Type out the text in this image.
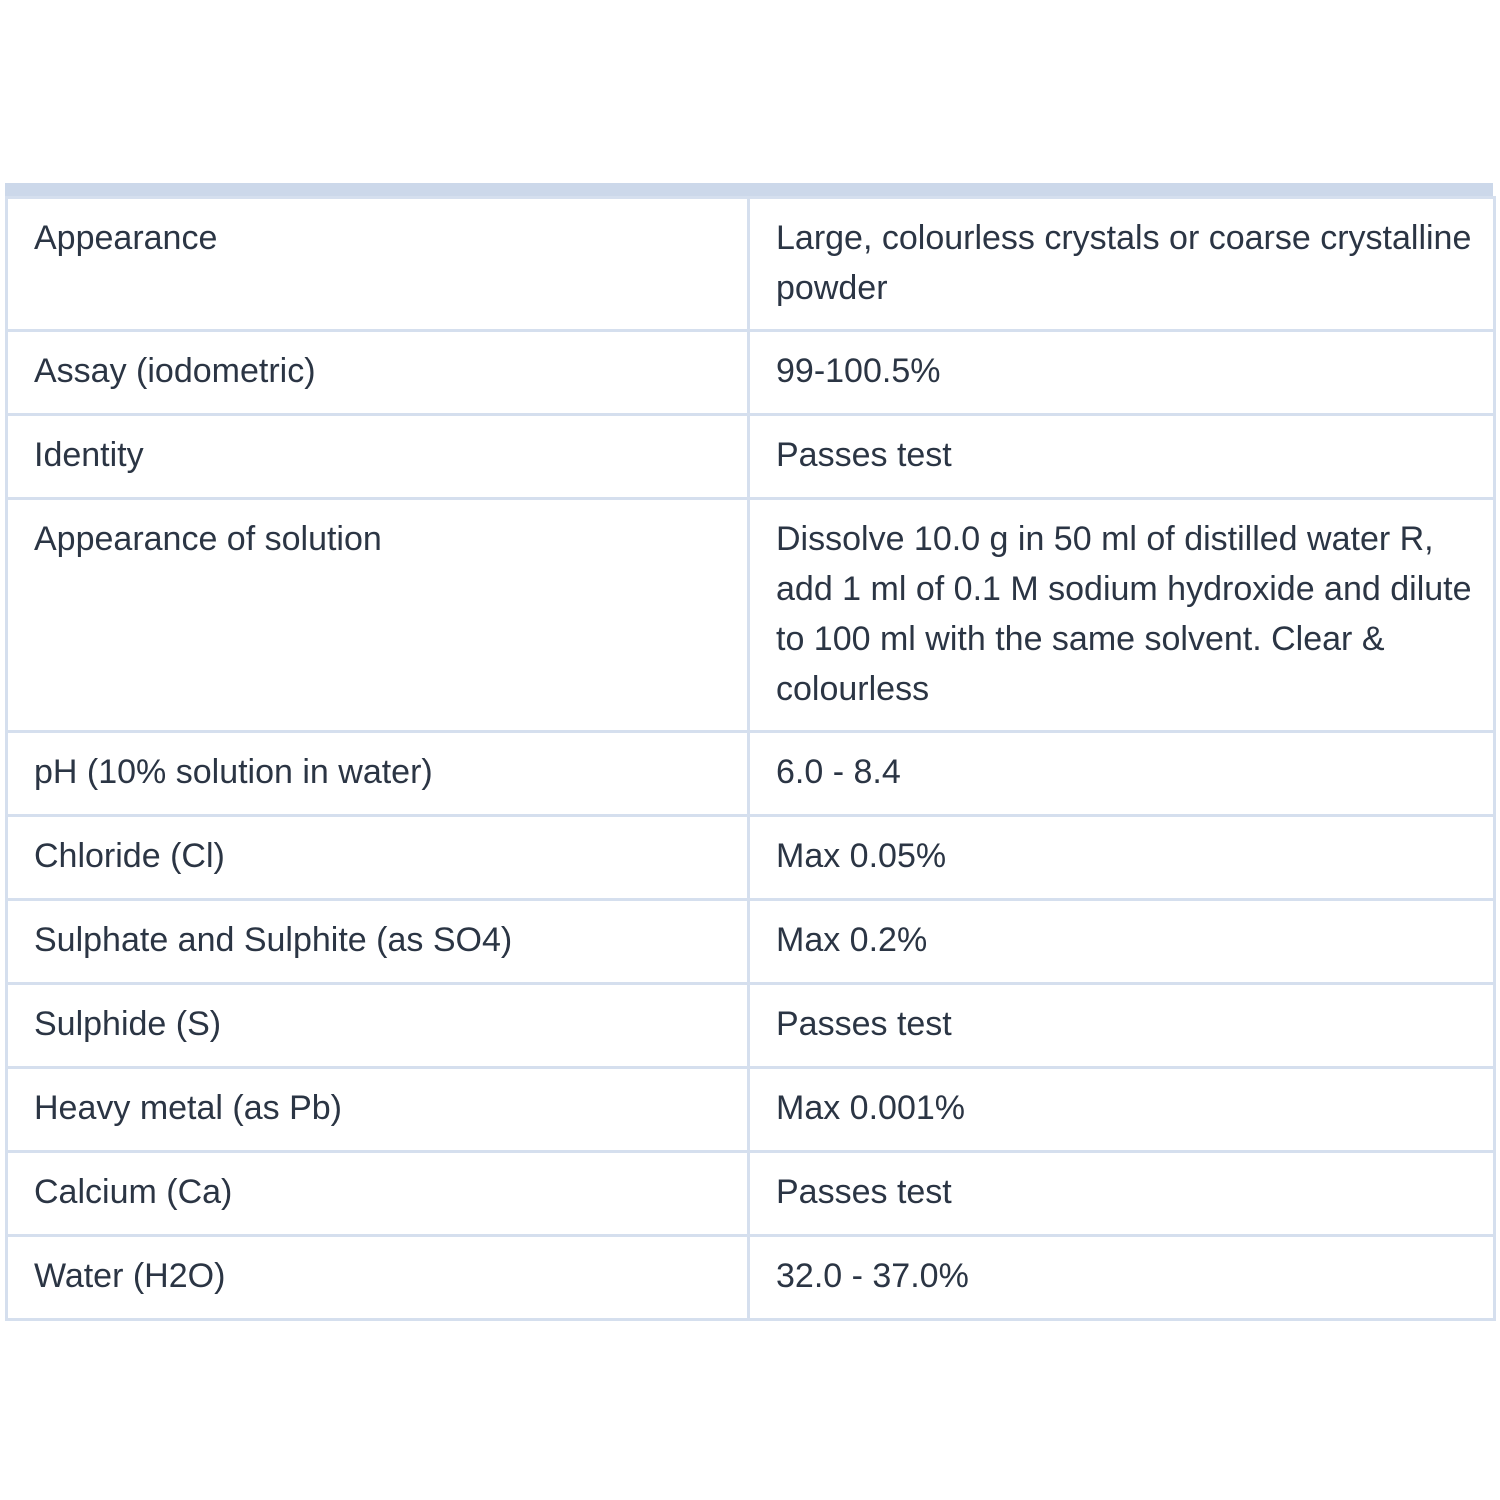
Appearance	Large, colourless crystals or coarse crystalline powder
Assay (iodometric)	99-100.5%
Identity	Passes test
Appearance of solution	Dissolve 10.0 g in 50 ml of distilled water R, add 1 ml of 0.1 M sodium hydroxide and dilute to 100 ml with the same solvent. Clear & colourless
pH (10% solution in water)	6.0 - 8.4
Chloride (Cl)	Max 0.05%
Sulphate and Sulphite (as SO4)	Max 0.2%
Sulphide (S)	Passes test
Heavy metal (as Pb)	Max 0.001%
Calcium (Ca)	Passes test
Water (H2O)	32.0 - 37.0%
